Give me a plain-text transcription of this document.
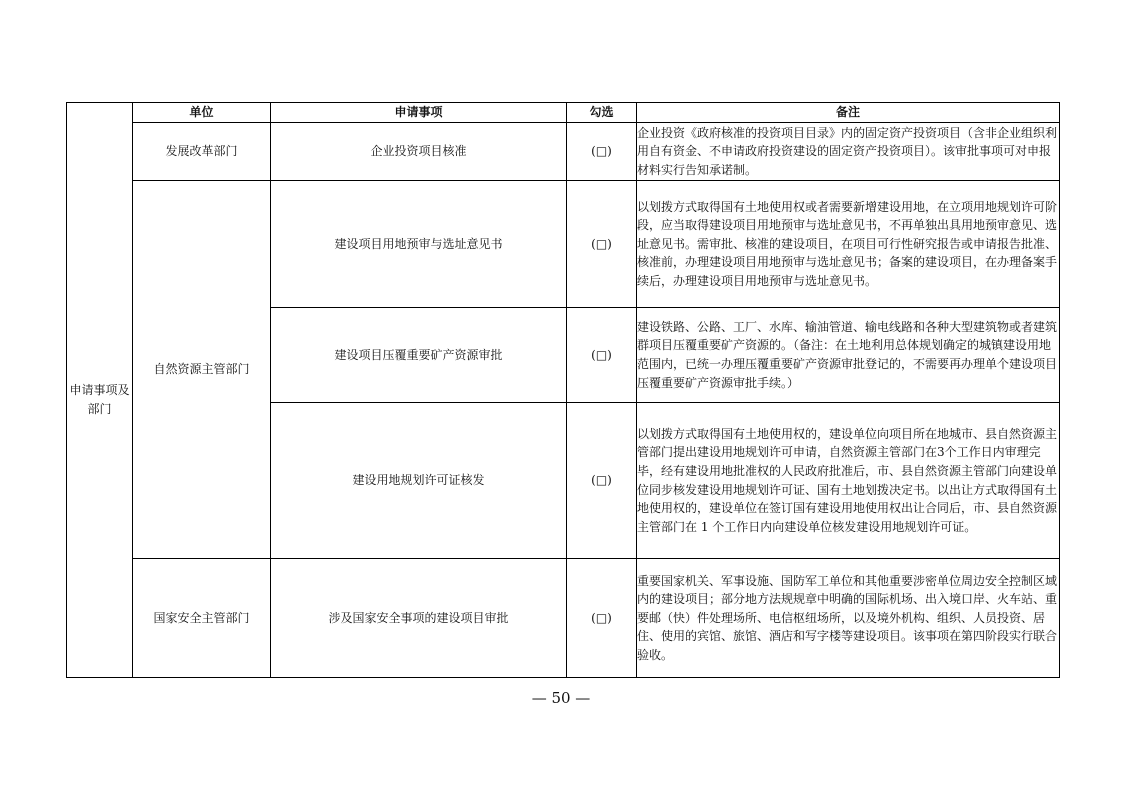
	单位	申请事项	勾选	备注
申请事项及部门	发展改革部门	企业投资项目核准	(□)	企业投资《政府核准的投资项目目录》内的固定资产投资项目（含非企业组织利用自有资金、不申请政府投资建设的固定资产投资项目）。该审批事项可对申报材料实行告知承诺制。
	自然资源主管部门	建设项目用地预审与选址意见书	(□)	以划拨方式取得国有土地使用权或者需要新增建设用地，在立项用地规划许可阶段，应当取得建设项目用地预审与选址意见书，不再单独出具用地预审意见、选址意见书。需审批、核准的建设项目，在项目可行性研究报告或申请报告批准、核准前，办理建设项目用地预审与选址意见书；备案的建设项目，在办理备案手续后，办理建设项目用地预审与选址意见书。
		建设项目压覆重要矿产资源审批	(□)	建设铁路、公路、工厂、水库、输油管道、输电线路和各种大型建筑物或者建筑群项目压覆重要矿产资源的。（备注：在土地利用总体规划确定的城镇建设用地范围内，已统一办理压覆重要矿产资源审批登记的，不需要再办理单个建设项目压覆重要矿产资源审批手续。）
		建设用地规划许可证核发	(□)	以划拨方式取得国有土地使用权的，建设单位向项目所在地城市、县自然资源主管部门提出建设用地规划许可申请，自然资源主管部门在3个工作日内审理完毕，经有建设用地批准权的人民政府批准后，市、县自然资源主管部门向建设单位同步核发建设用地规划许可证、国有土地划拨决定书。以出让方式取得国有土地使用权的，建设单位在签订国有建设用地使用权出让合同后，市、县自然资源主管部门在 1 个工作日内向建设单位核发建设用地规划许可证。
	国家安全主管部门	涉及国家安全事项的建设项目审批	(□)	重要国家机关、军事设施、国防军工单位和其他重要涉密单位周边安全控制区域内的建设项目；部分地方法规规章中明确的国际机场、出入境口岸、火车站、重要邮（快）件处理场所、电信枢纽场所，以及境外机构、组织、人员投资、居住、使用的宾馆、旅馆、酒店和写字楼等建设项目。该事项在第四阶段实行联合验收。
— 50 —
